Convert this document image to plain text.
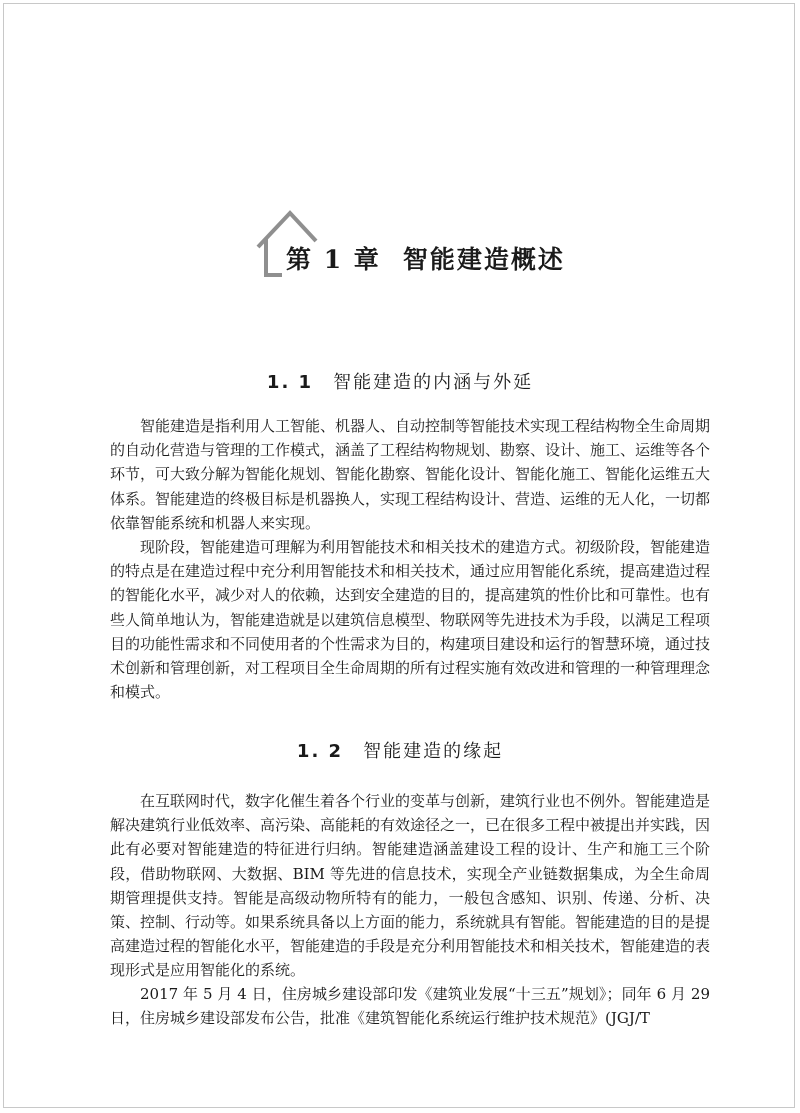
第 1 章 智能建造概述
1. 1 智能建造的内涵与外延

智能建造是指利用人工智能、机器人、自动控制等智能技术实现工程结构物全生命周期的自动化营造与管理的工作模式，涵盖了工程结构物规划、勘察、设计、施工、运维等各个环节，可大致分解为智能化规划、智能化勘察、智能化设计、智能化施工、智能化运维五大体系。智能建造的终极目标是机器换人，实现工程结构设计、营造、运维的无人化，一切都依靠智能系统和机器人来实现。

现阶段，智能建造可理解为利用智能技术和相关技术的建造方式。初级阶段，智能建造的特点是在建造过程中充分利用智能技术和相关技术，通过应用智能化系统，提高建造过程的智能化水平，减少对人的依赖，达到安全建造的目的，提高建筑的性价比和可靠性。也有些人简单地认为，智能建造就是以建筑信息模型、物联网等先进技术为手段，以满足工程项目的功能性需求和不同使用者的个性需求为目的，构建项目建设和运行的智慧环境，通过技术创新和管理创新，对工程项目全生命周期的所有过程实施有效改进和管理的一种管理理念和模式。

1. 2 智能建造的缘起

在互联网时代，数字化催生着各个行业的变革与创新，建筑行业也不例外。智能建造是解决建筑行业低效率、高污染、高能耗的有效途径之一，已在很多工程中被提出并实践，因此有必要对智能建造的特征进行归纳。智能建造涵盖建设工程的设计、生产和施工三个阶段，借助物联网、大数据、BIM 等先进的信息技术，实现全产业链数据集成，为全生命周期管理提供支持。智能是高级动物所特有的能力，一般包含感知、识别、传递、分析、决策、控制、行动等。如果系统具备以上方面的能力，系统就具有智能。智能建造的目的是提高建造过程的智能化水平，智能建造的手段是充分利用智能技术和相关技术，智能建造的表现形式是应用智能化的系统。

2017 年 5 月 4 日，住房城乡建设部印发《建筑业发展“十三五”规划》；同年 6 月 29 日，住房城乡建设部发布公告，批准《建筑智能化系统运行维护技术规范》(JGJ/T
